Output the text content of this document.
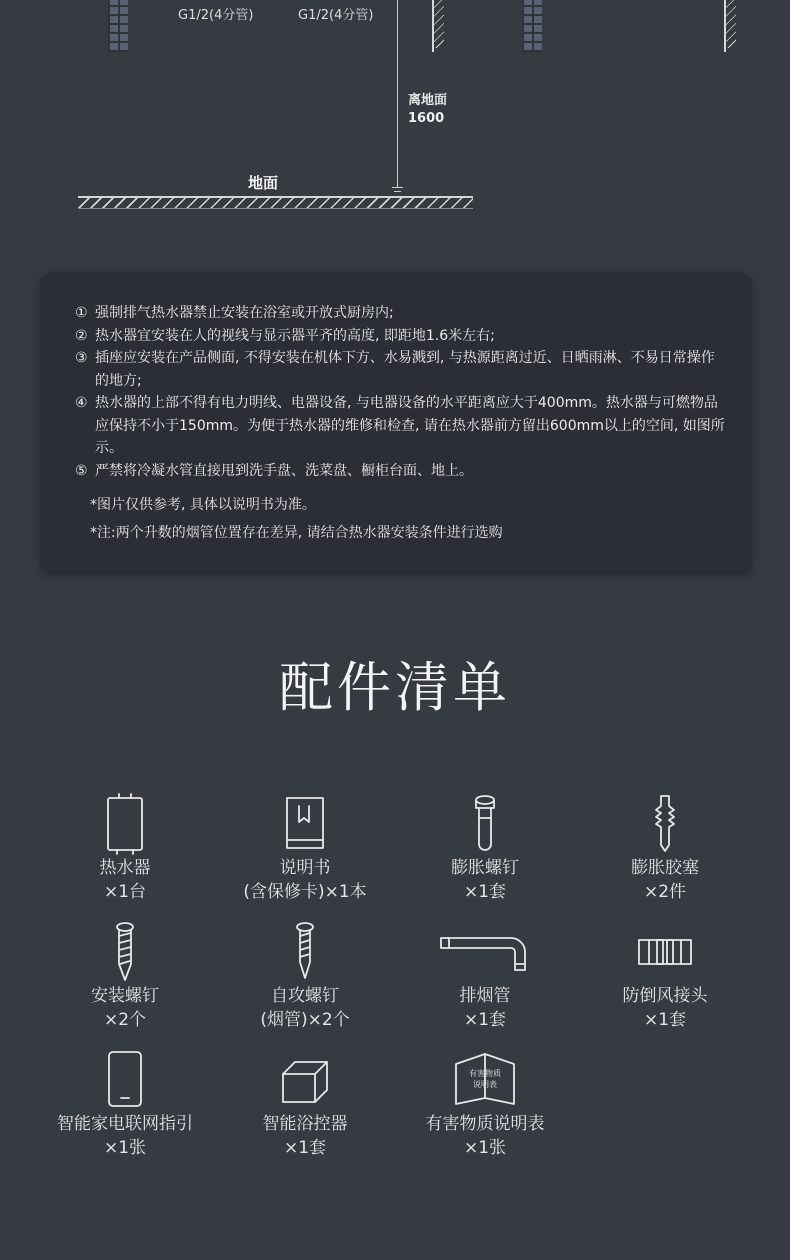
G1/2(4分管)	G1/2(4分管)
离地面
1600
地面
① 强制排气热水器禁止安装在浴室或开放式厨房内;
② 热水器宜安装在人的视线与显示器平齐的高度, 即距地1.6米左右;
③ 插座应安装在产品侧面, 不得安装在机体下方、水易溅到, 与热源距离过近、日晒雨淋、不易日常操作的地方;
④ 热水器的上部不得有电力明线、电器设备, 与电器设备的水平距离应大于400mm。热水器与可燃物品应保持不小于150mm。为便于热水器的维修和检查, 请在热水器前方留出600mm以上的空间, 如图所示。
⑤ 严禁将冷凝水管直接甩到洗手盘、洗菜盘、橱柜台面、地上。
*图片仅供参考, 具体以说明书为准。
*注:两个升数的烟管位置存在差异, 请结合热水器安装条件进行选购
配件清单
热水器
×1台
说明书
(含保修卡)×1本
膨胀螺钉
×1套
膨胀胶塞
×2件
安装螺钉
×2个
自攻螺钉
(烟管)×2个
排烟管
×1套
防倒风接头
×1套
智能家电联网指引
×1张
智能浴控器
×1套
有害物质
说明表
有害物质说明表
×1张
